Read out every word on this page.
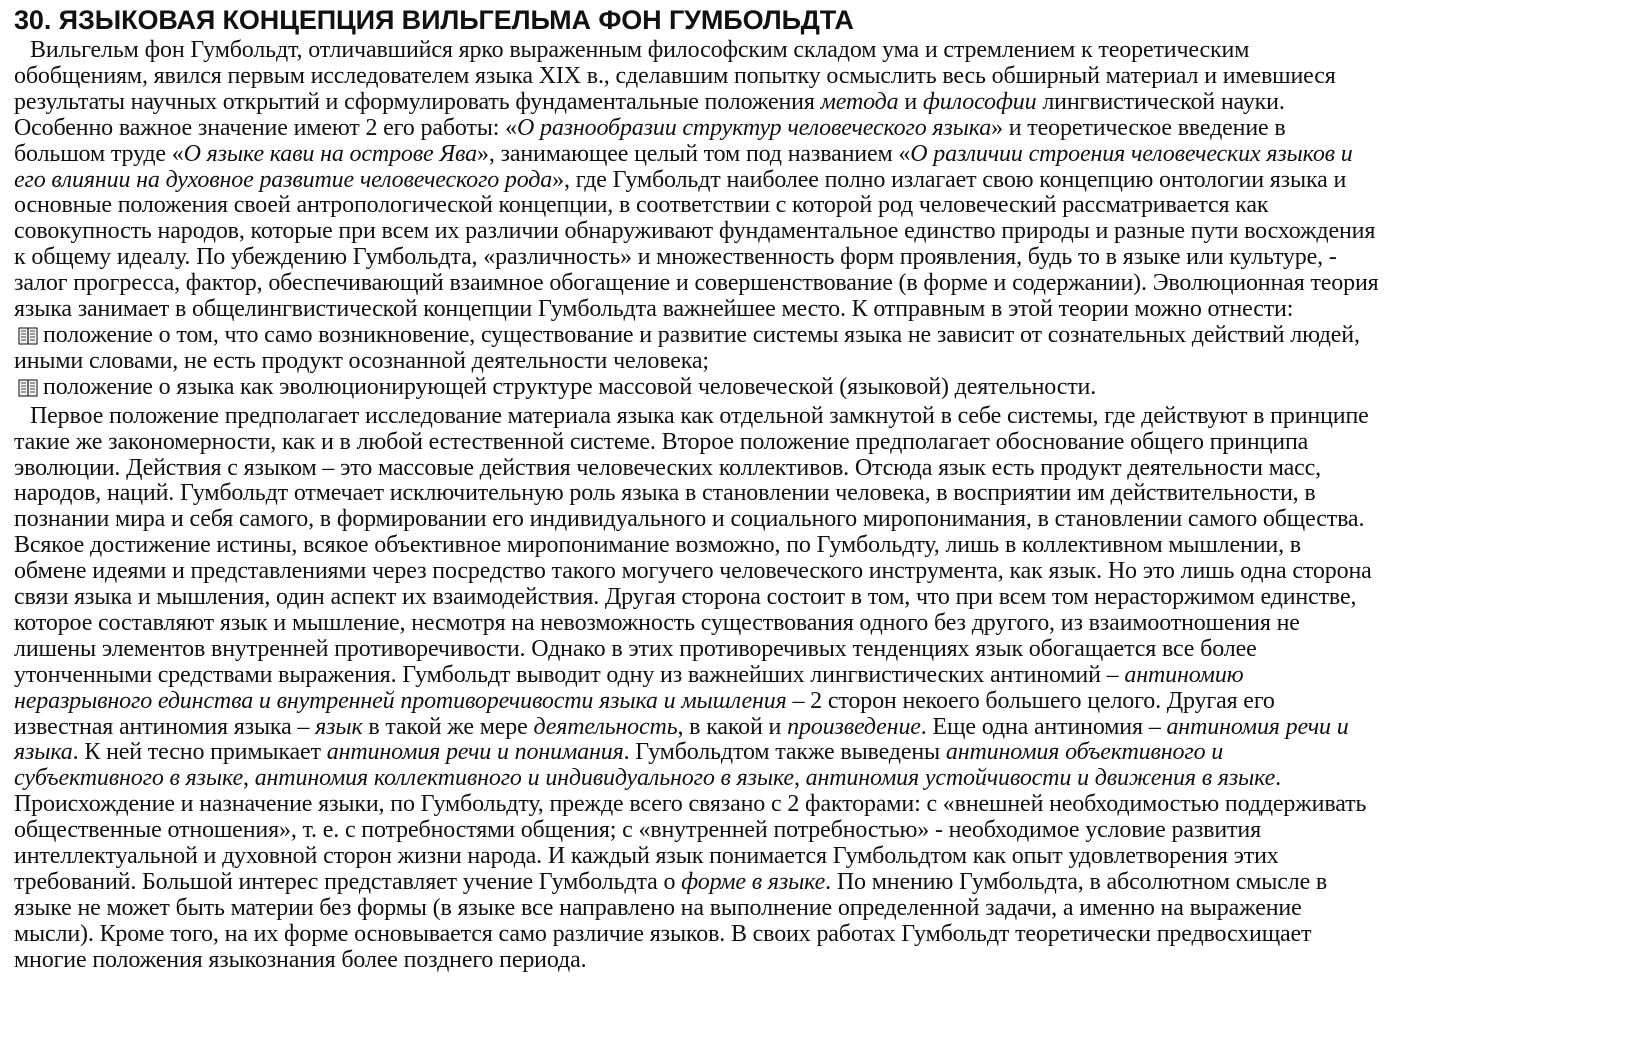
30. ЯЗЫКОВАЯ КОНЦЕПЦИЯ ВИЛЬГЕЛЬМА ФОН ГУМБОЛЬДТА
Вильгельм фон Гумбольдт, отличавшийся ярко выраженным философским складом ума и стремлением к теоретическим
обобщениям, явился первым исследователем языка XIX в., сделавшим попытку осмыслить весь обширный материал и имевшиеся
результаты научных открытий и сформулировать фундаментальные положения метода и философии лингвистической науки.
Особенно важное значение имеют 2 его работы: «О разнообразии структур человеческого языка» и теоретическое введение в
большом труде «О языке кави на острове Ява», занимающее целый том под названием «О различии строения человеческих языков и
его влиянии на духовное развитие человеческого рода», где Гумбольдт наиболее полно излагает свою концепцию онтологии языка и
основные положения своей антропологической концепции, в соответствии с которой род человеческий рассматривается как
совокупность народов, которые при всем их различии обнаруживают фундаментальное единство природы и разные пути восхождения
к общему идеалу. По убеждению Гумбольдта, «различность» и множественность форм проявления, будь то в языке или культуре, -
залог прогресса, фактор, обеспечивающий взаимное обогащение и совершенствование (в форме и содержании). Эволюционная теория
языка занимает в общелингвистической концепции Гумбольдта важнейшее место. К отправным в этой теории можно отнести:
положение о том, что само возникновение, существование и развитие системы языка не зависит от сознательных действий людей,
иными словами, не есть продукт осознанной деятельности человека;
положение о языка как эволюционирующей структуре массовой человеческой (языковой) деятельности.
Первое положение предполагает исследование материала языка как отдельной замкнутой в себе системы, где действуют в принципе
такие же закономерности, как и в любой естественной системе. Второе положение предполагает обоснование общего принципа
эволюции. Действия с языком – это массовые действия человеческих коллективов. Отсюда язык есть продукт деятельности масс,
народов, наций. Гумбольдт отмечает исключительную роль языка в становлении человека, в восприятии им действительности, в
познании мира и себя самого, в формировании его индивидуального и социального миропонимания, в становлении самого общества.
Всякое достижение истины, всякое объективное миропонимание возможно, по Гумбольдту, лишь в коллективном мышлении, в
обмене идеями и представлениями через посредство такого могучего человеческого инструмента, как язык. Но это лишь одна сторона
связи языка и мышления, один аспект их взаимодействия. Другая сторона состоит в том, что при всем том нерасторжимом единстве,
которое составляют язык и мышление, несмотря на невозможность существования одного без другого, из взаимоотношения не
лишены элементов внутренней противоречивости. Однако в этих противоречивых тенденциях язык обогащается все более
утонченными средствами выражения. Гумбольдт выводит одну из важнейших лингвистических антиномий – антиномию
неразрывного единства и внутренней противоречивости языка и мышления – 2 сторон некоего большего целого. Другая его
известная антиномия языка – язык в такой же мере деятельность, в какой и произведение. Еще одна антиномия – антиномия речи и
языка. К ней тесно примыкает антиномия речи и понимания. Гумбольдтом также выведены антиномия объективного и
субъективного в языке, антиномия коллективного и индивидуального в языке, антиномия устойчивости и движения в языке.
Происхождение и назначение языки, по Гумбольдту, прежде всего связано с 2 факторами: с «внешней необходимостью поддерживать
общественные отношения», т. е. с потребностями общения; с «внутренней потребностью» - необходимое условие развития
интеллектуальной и духовной сторон жизни народа. И каждый язык понимается Гумбольдтом как опыт удовлетворения этих
требований. Большой интерес представляет учение Гумбольдта о форме в языке. По мнению Гумбольдта, в абсолютном смысле в
языке не может быть материи без формы (в языке все направлено на выполнение определенной задачи, а именно на выражение
мысли). Кроме того, на их форме основывается само различие языков. В своих работах Гумбольдт теоретически предвосхищает
многие положения языкознания более позднего периода.
